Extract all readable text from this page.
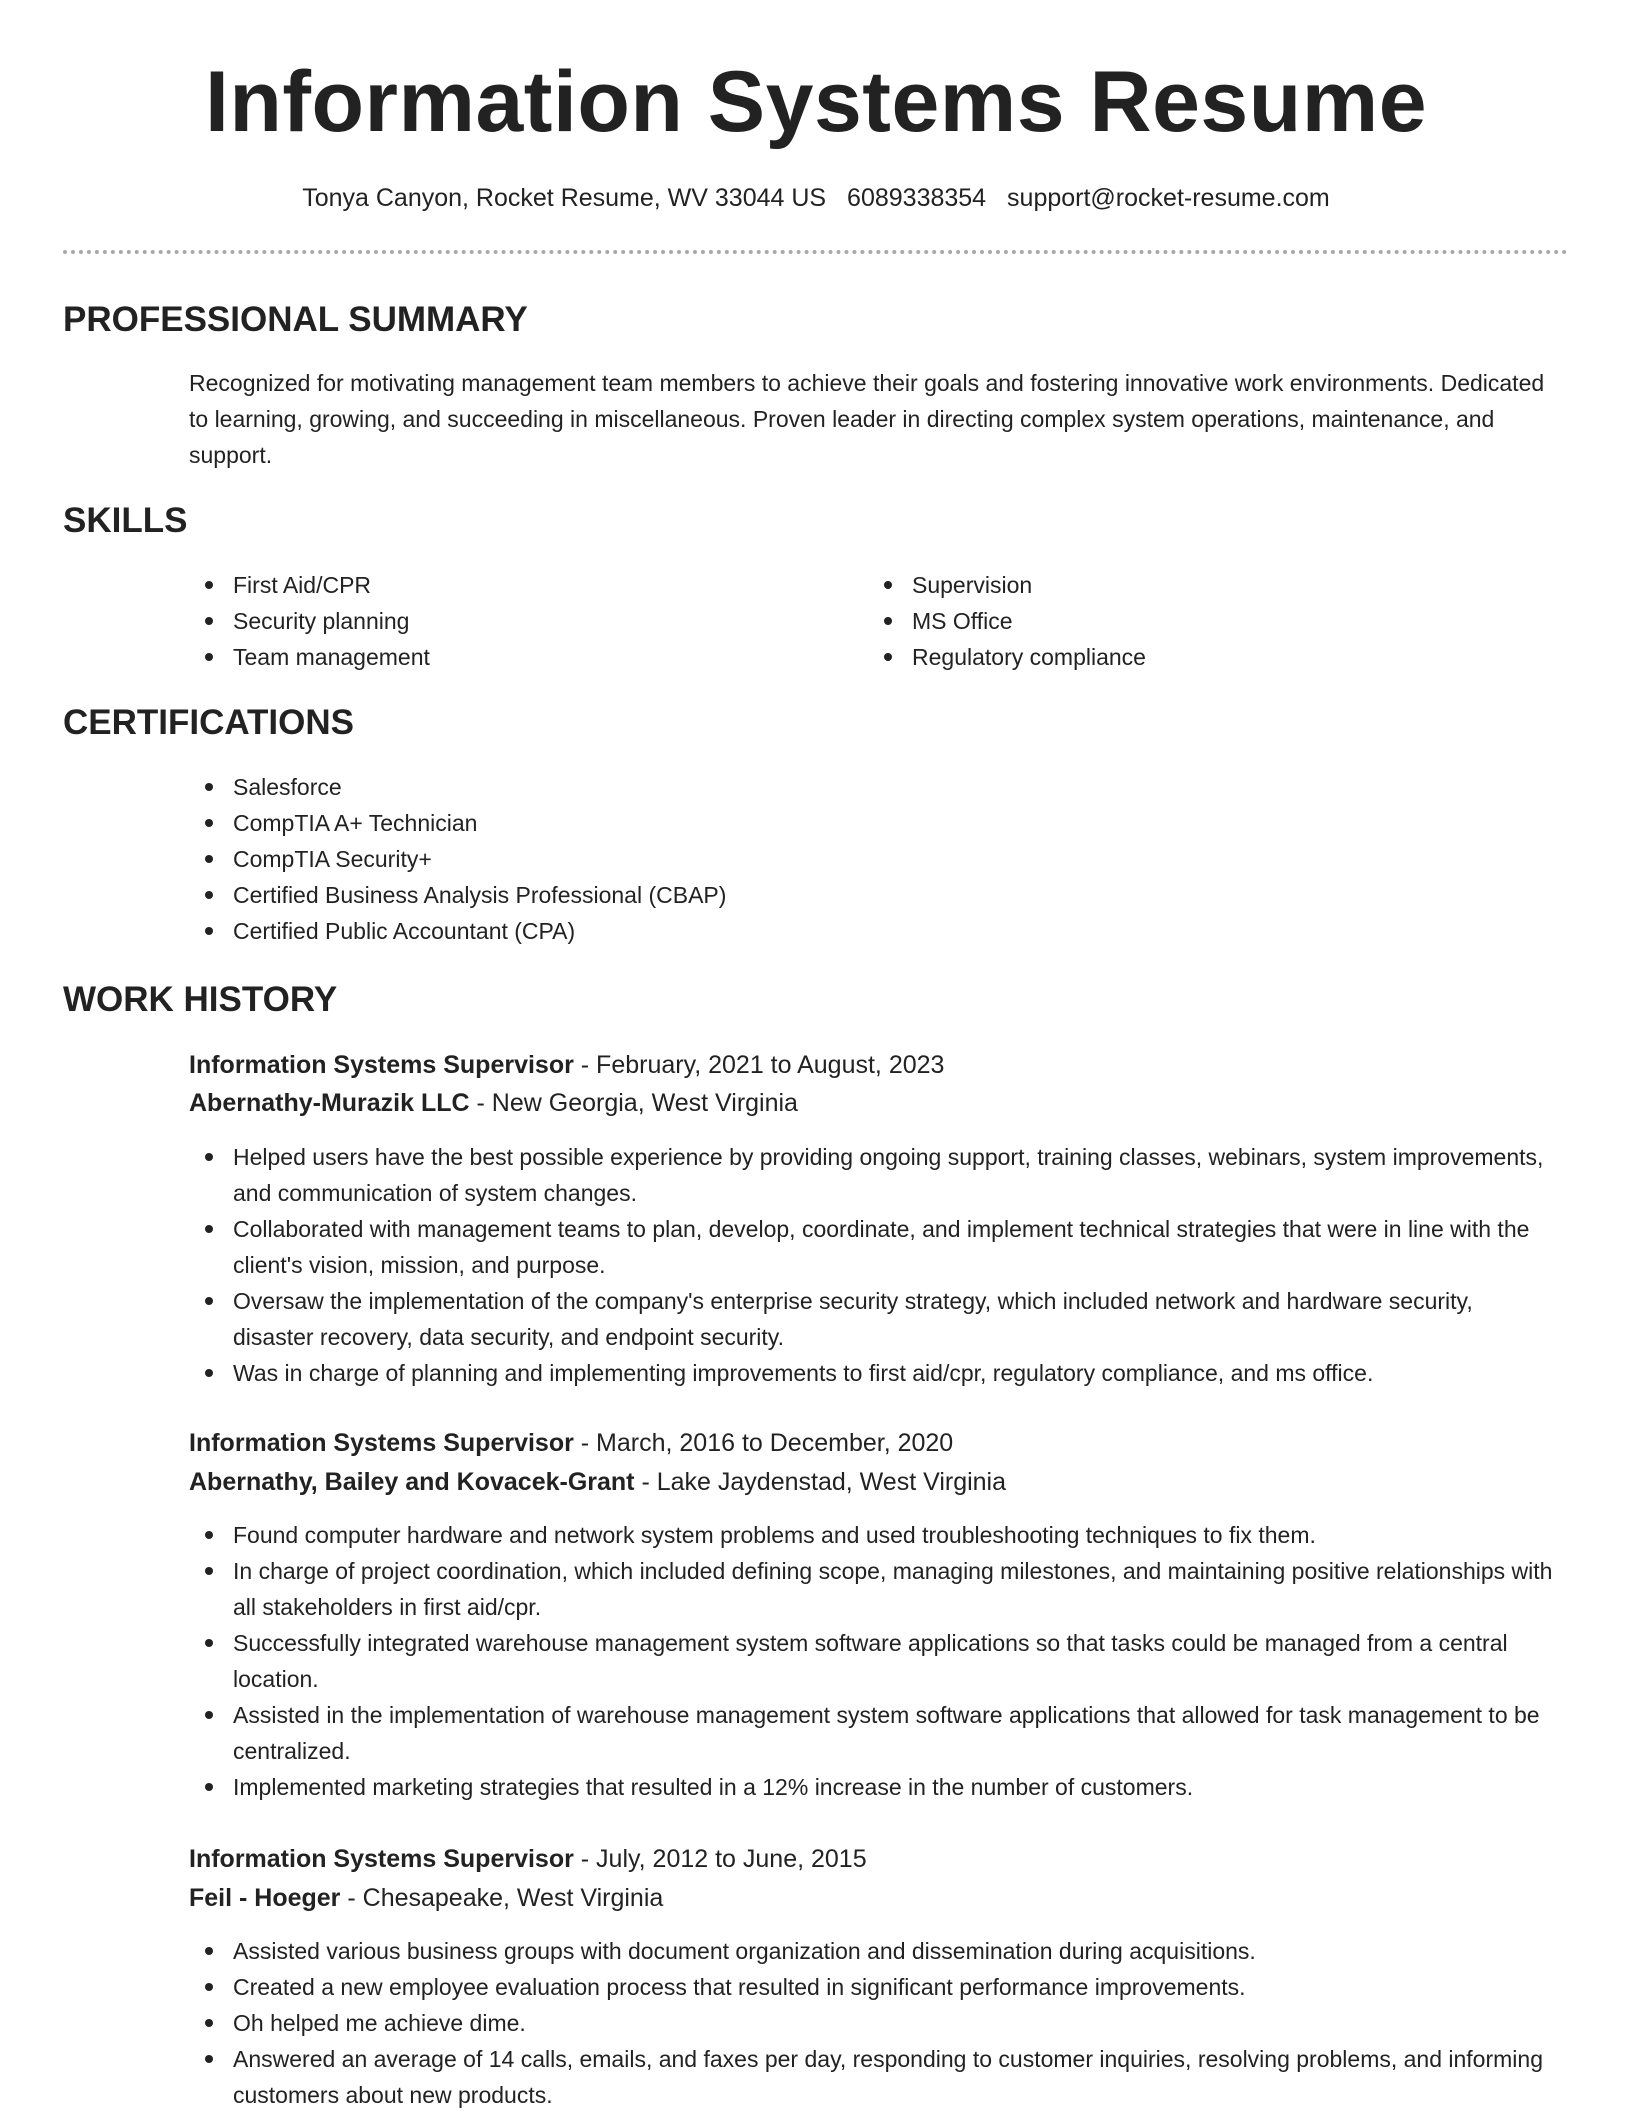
Information Systems Resume
Tonya Canyon, Rocket Resume, WV 33044 US 6089338354 support@rocket-resume.com
PROFESSIONAL SUMMARY

Recognized for motivating management team members to achieve their goals and fostering innovative work environments. Dedicated to learning, growing, and succeeding in miscellaneous. Proven leader in directing complex system operations, maintenance, and support.

SKILLS
First Aid/CPR
Security planning
Team management
Supervision
MS Office
Regulatory compliance
CERTIFICATIONS
Salesforce
CompTIA A+ Technician
CompTIA Security+
Certified Business Analysis Professional (CBAP)
Certified Public Accountant (CPA)
WORK HISTORY
Information Systems Supervisor - February, 2021 to August, 2023
Abernathy-Murazik LLC - New Georgia, West Virginia
Helped users have the best possible experience by providing ongoing support, training classes, webinars, system improvements, and communication of system changes.
Collaborated with management teams to plan, develop, coordinate, and implement technical strategies that were in line with the client's vision, mission, and purpose.
Oversaw the implementation of the company's enterprise security strategy, which included network and hardware security, disaster recovery, data security, and endpoint security.
Was in charge of planning and implementing improvements to first aid/cpr, regulatory compliance, and ms office.
Information Systems Supervisor - March, 2016 to December, 2020
Abernathy, Bailey and Kovacek-Grant - Lake Jaydenstad, West Virginia
Found computer hardware and network system problems and used troubleshooting techniques to fix them.
In charge of project coordination, which included defining scope, managing milestones, and maintaining positive relationships with all stakeholders in first aid/cpr.
Successfully integrated warehouse management system software applications so that tasks could be managed from a central location.
Assisted in the implementation of warehouse management system software applications that allowed for task management to be centralized.
Implemented marketing strategies that resulted in a 12% increase in the number of customers.
Information Systems Supervisor - July, 2012 to June, 2015
Feil - Hoeger - Chesapeake, West Virginia
Assisted various business groups with document organization and dissemination during acquisitions.
Created a new employee evaluation process that resulted in significant performance improvements.
Oh helped me achieve dime.
Answered an average of 14 calls, emails, and faxes per day, responding to customer inquiries, resolving problems, and informing customers about new products.
